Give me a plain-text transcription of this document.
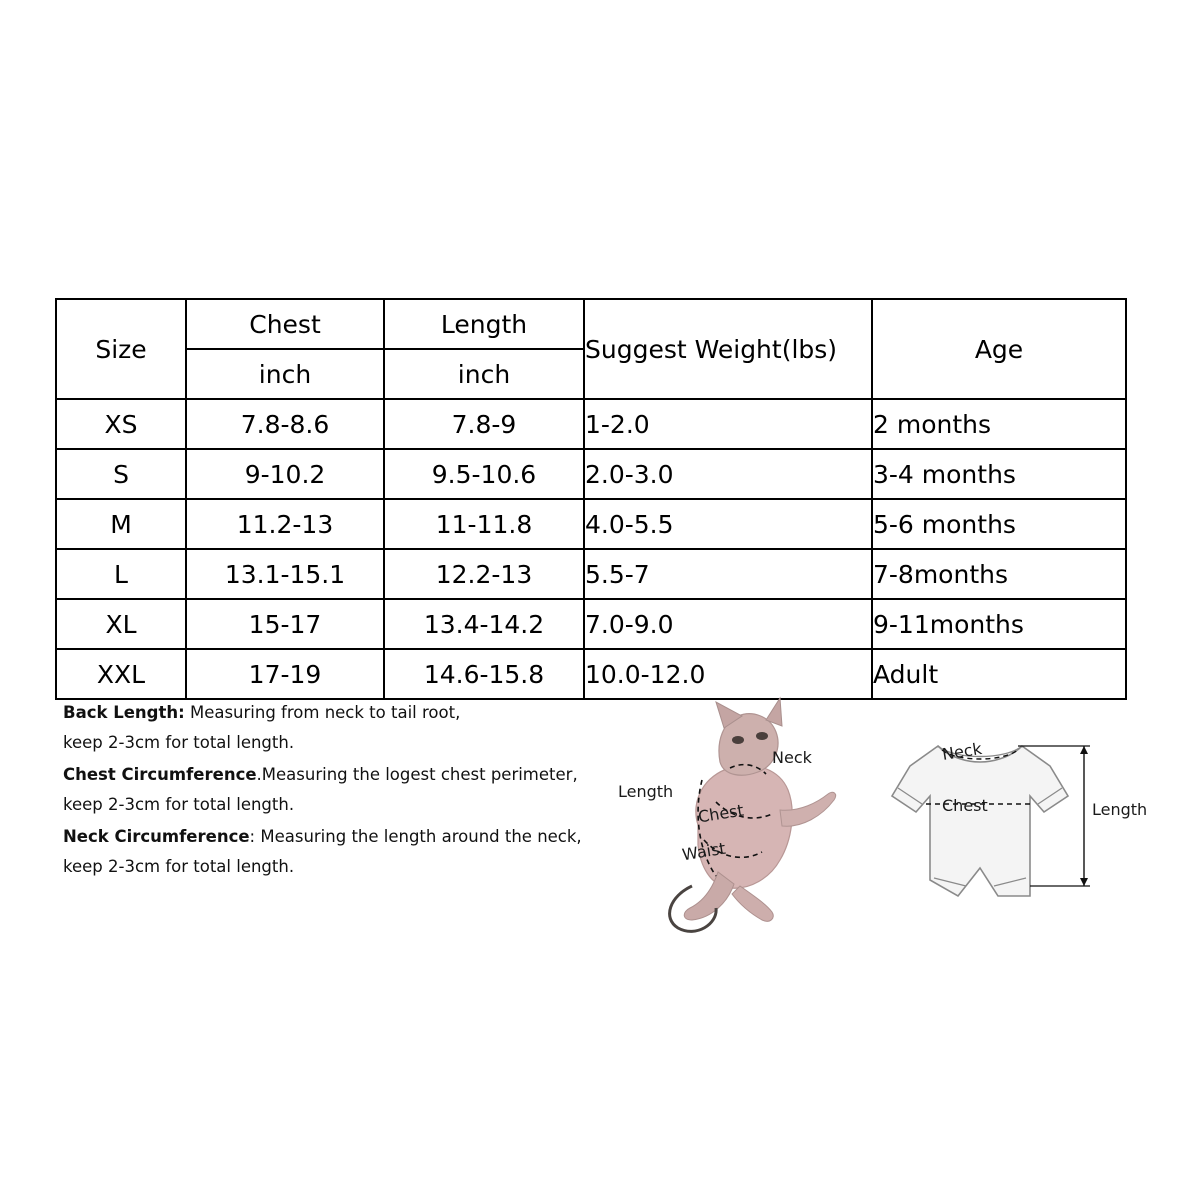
Size	Chest	Length	Suggest Weight(lbs)	Age
	inch	inch		
XS	7.8-8.6	7.8-9	1-2.0	2 months
S	9-10.2	9.5-10.6	2.0-3.0	3-4 months
M	11.2-13	11-11.8	4.0-5.5	5-6 months
L	13.1-15.1	12.2-13	5.5-7	7-8months
XL	15-17	13.4-14.2	7.0-9.0	9-11months
XXL	17-19	14.6-15.8	10.0-12.0	Adult
Back Length: Measuring from neck to tail root,
keep 2-3cm for total length.
Chest Circumference.Measuring the logest chest perimeter,
keep 2-3cm for total length.
Neck Circumference: Measuring the length around the neck,
keep 2-3cm for total length.
Neck
Length
Chest
Waist
Neck
Chest	Length
